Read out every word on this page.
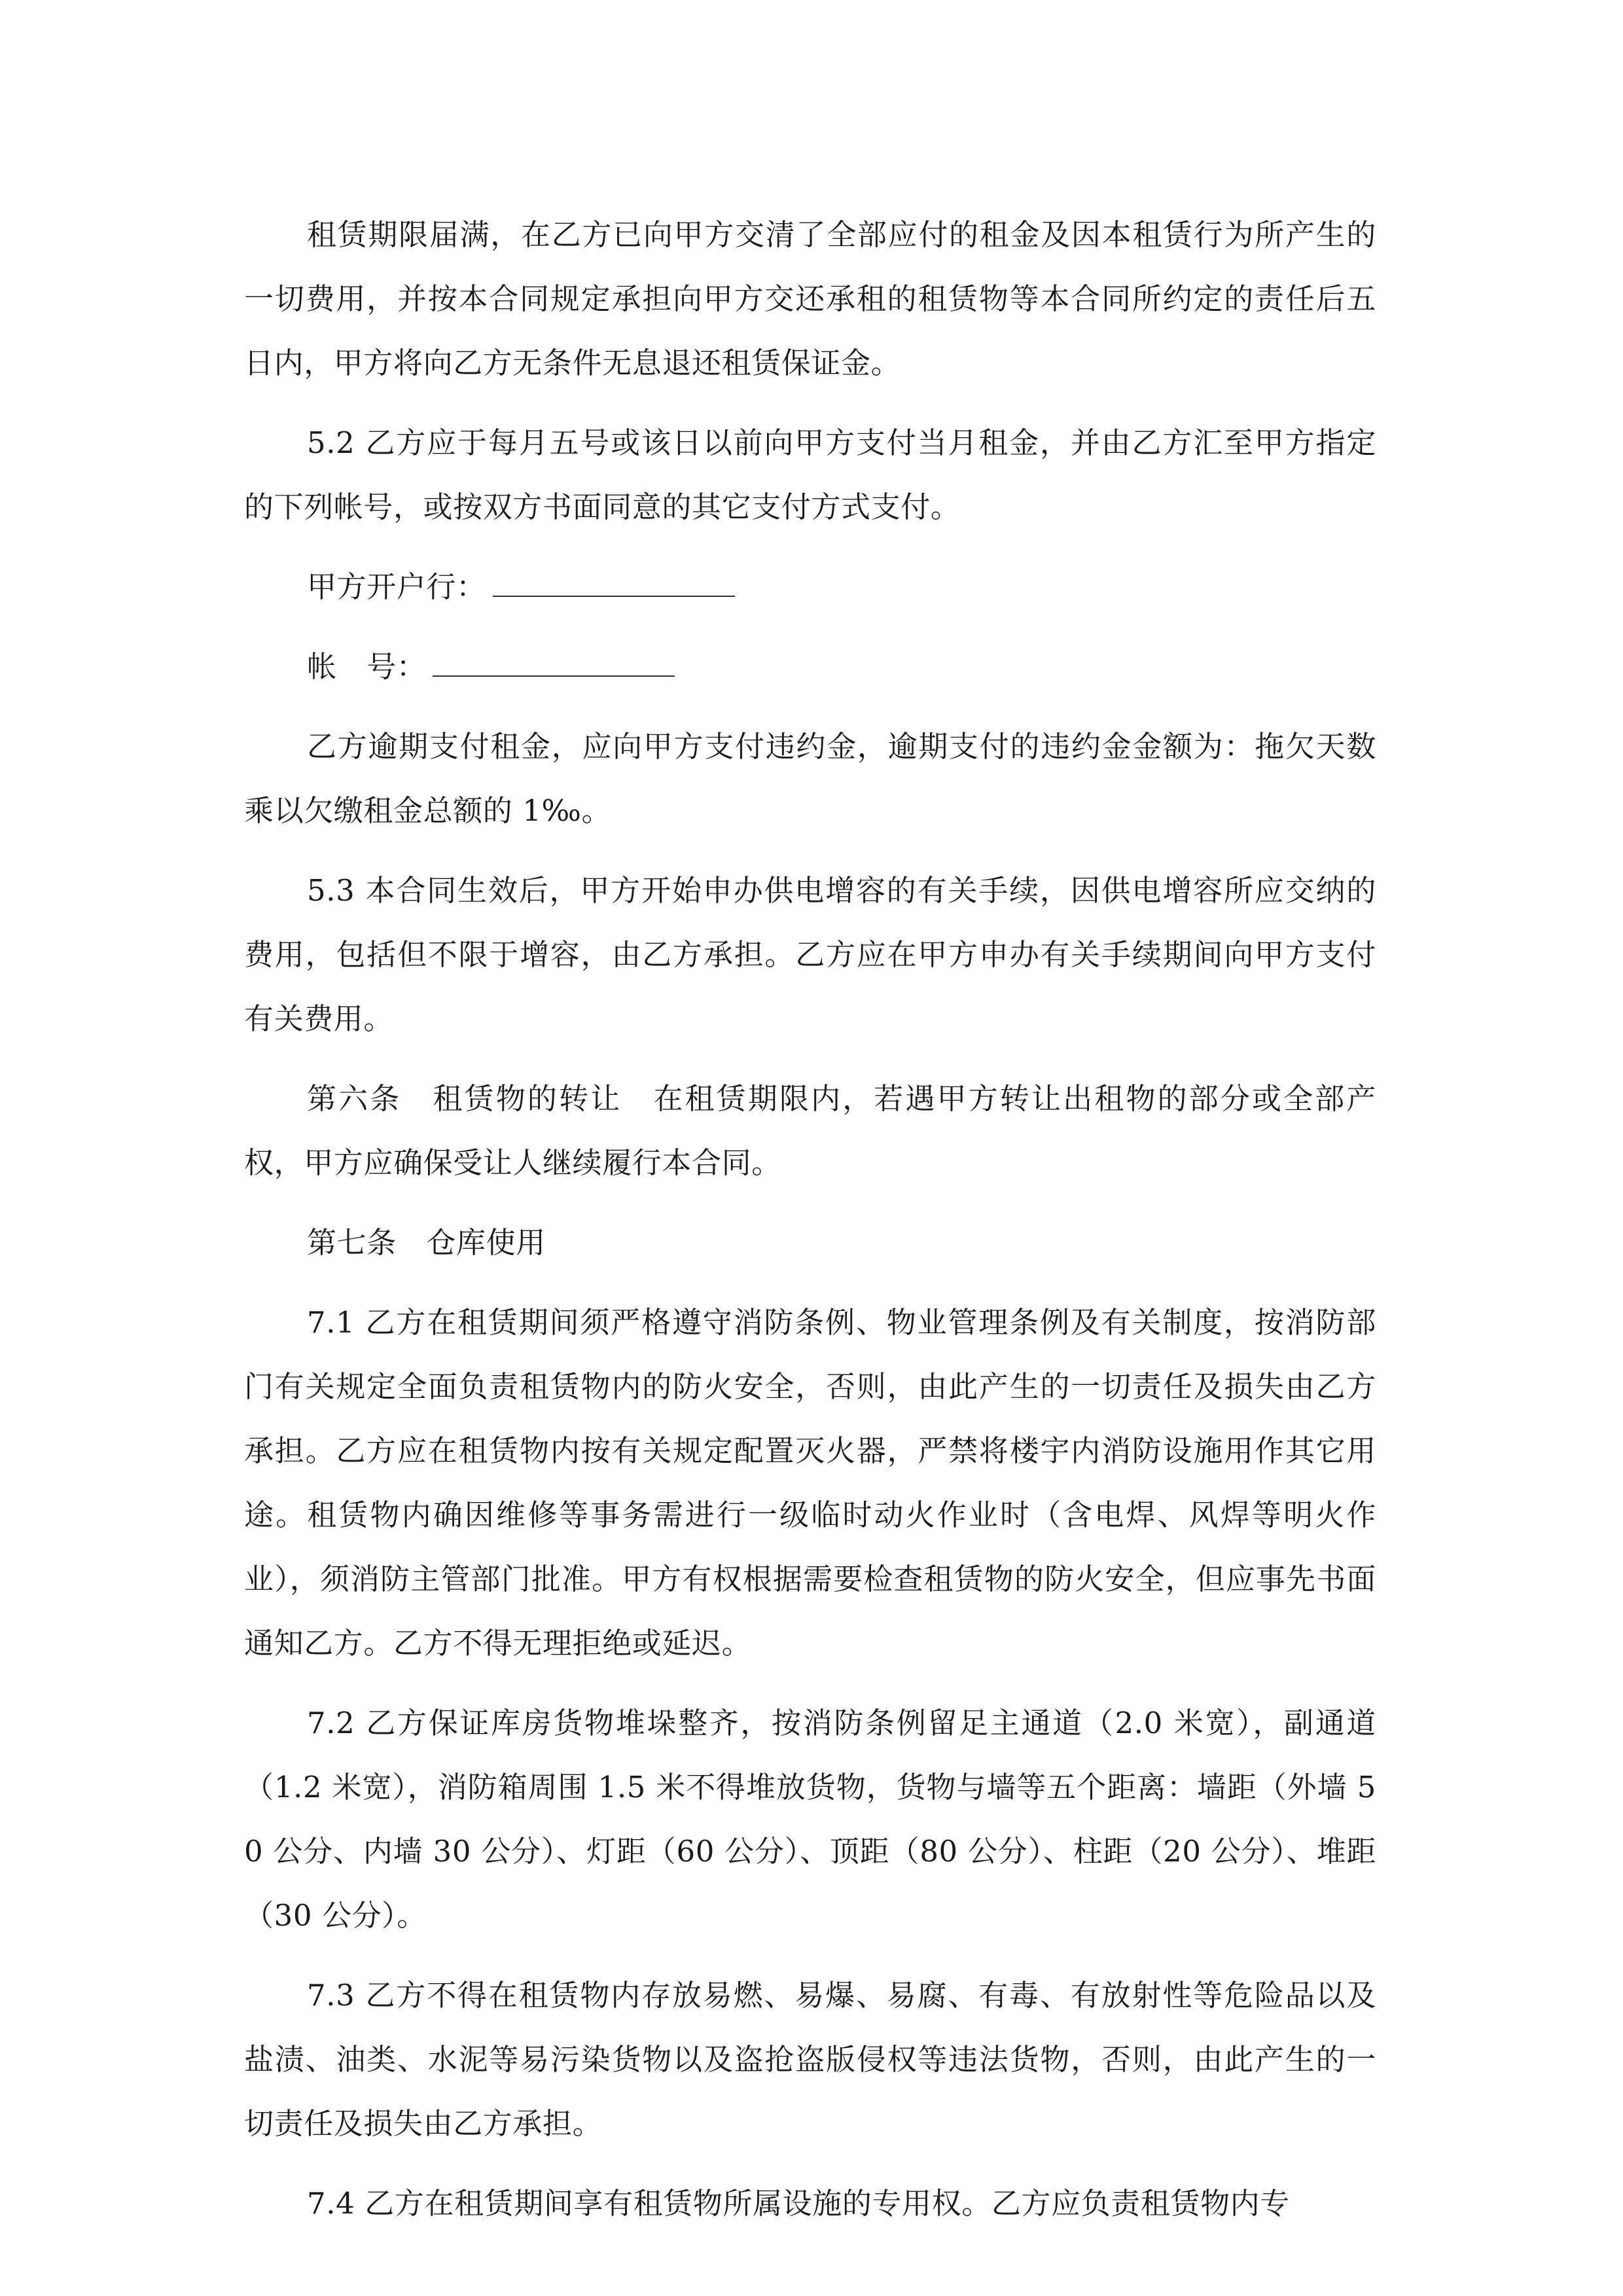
租赁期限届满，在乙方已向甲方交清了全部应付的租金及因本租赁行为所产生的一切费用，并按本合同规定承担向甲方交还承租的租赁物等本合同所约定的责任后五日内，甲方将向乙方无条件无息退还租赁保证金。

5.2 乙方应于每月五号或该日以前向甲方支付当月租金，并由乙方汇至甲方指定的下列帐号，或按双方书面同意的其它支付方式支付。

甲方开户行：
帐　号：

乙方逾期支付租金，应向甲方支付违约金，逾期支付的违约金金额为：拖欠天数乘以欠缴租金总额的 1‰。

5.3 本合同生效后，甲方开始申办供电增容的有关手续，因供电增容所应交纳的费用，包括但不限于增容，由乙方承担。乙方应在甲方申办有关手续期间向甲方支付有关费用。

第六条　租赁物的转让　在租赁期限内，若遇甲方转让出租物的部分或全部产权，甲方应确保受让人继续履行本合同。

第七条　仓库使用

7.1 乙方在租赁期间须严格遵守消防条例、物业管理条例及有关制度，按消防部门有关规定全面负责租赁物内的防火安全，否则，由此产生的一切责任及损失由乙方承担。乙方应在租赁物内按有关规定配置灭火器，严禁将楼宇内消防设施用作其它用途。租赁物内确因维修等事务需进行一级临时动火作业时（含电焊、风焊等明火作业），须消防主管部门批准。甲方有权根据需要检查租赁物的防火安全，但应事先书面通知乙方。乙方不得无理拒绝或延迟。

7.2 乙方保证库房货物堆垛整齐，按消防条例留足主通道（2.0 米宽），副通道（1.2 米宽），消防箱周围 1.5 米不得堆放货物，货物与墙等五个距离：墙距（外墙 50 公分、内墙 30 公分）、灯距（60 公分）、顶距（80 公分）、柱距（20 公分）、堆距（30 公分）。

7.3 乙方不得在租赁物内存放易燃、易爆、易腐、有毒、有放射性等危险品以及盐渍、油类、水泥等易污染货物以及盗抢盗版侵权等违法货物，否则，由此产生的一切责任及损失由乙方承担。

7.4 乙方在租赁期间享有租赁物所属设施的专用权。乙方应负责租赁物内专
